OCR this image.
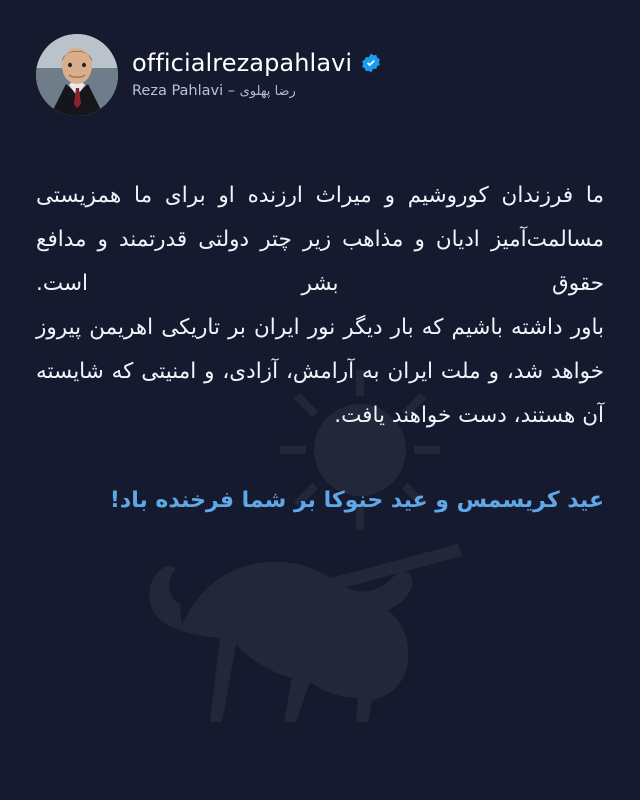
officialrezapahlavi
Reza Pahlavi – رضا پهلوی

ما فرزندان کوروشیم و میراث ارزنده او برای ما همزیستی مسالمت‌آمیز ادیان و مذاهب زیر چتر دولتی قدرتمند و مدافع حقوق بشر است.

باور داشته باشیم که بار دیگر نور ایران بر تاریکی اهریمن پیروز خواهد شد، و ملت ایران به آرامش، آزادی، و امنیتی که شایسته آن هستند، دست خواهند یافت.

عید کریسمس و عید حنوکا بر شما فرخنده باد!
